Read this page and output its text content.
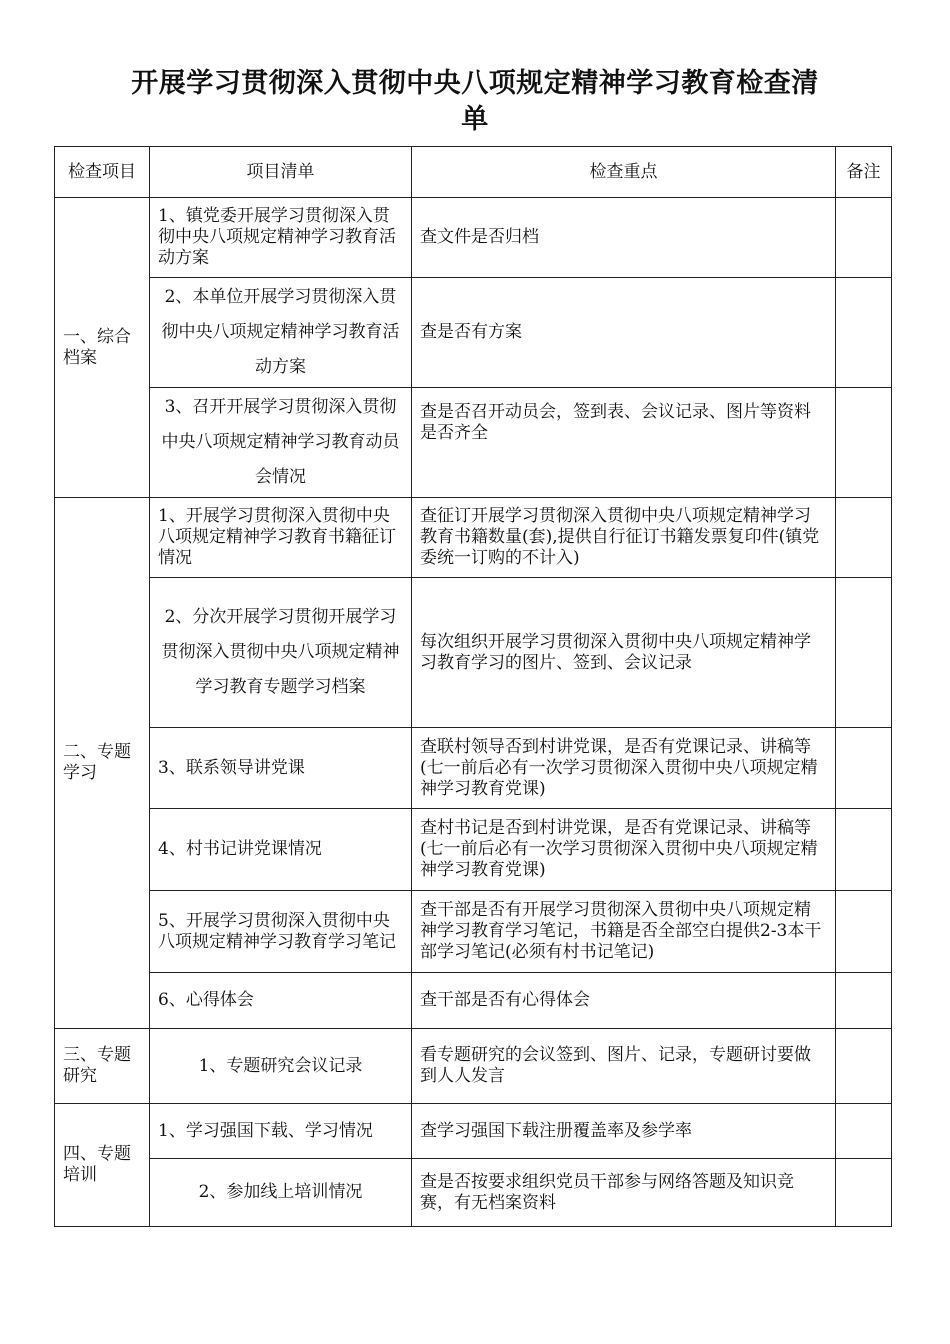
开展学习贯彻深入贯彻中央八项规定精神学习教育检查清
单
检查项目	项目清单	检查重点	备注
一、综合档案	1、镇党委开展学习贯彻深入贯彻中央八项规定精神学习教育活动方案	查文件是否归档	
	2、本单位开展学习贯彻深入贯彻中央八项规定精神学习教育活动方案	查是否有方案	
	3、召开开展学习贯彻深入贯彻中央八项规定精神学习教育动员会情况	查是否召开动员会，签到表、会议记录、图片等资料是否齐全	
二、专题学习	1、开展学习贯彻深入贯彻中央八项规定精神学习教育书籍征订情况	查征订开展学习贯彻深入贯彻中央八项规定精神学习教育书籍数量(套),提供自行征订书籍发票复印件(镇党委统一订购的不计入)	
	2、分次开展学习贯彻开展学习贯彻深入贯彻中央八项规定精神学习教育专题学习档案	每次组织开展学习贯彻深入贯彻中央八项规定精神学习教育学习的图片、签到、会议记录	
	3、联系领导讲党课	查联村领导否到村讲党课，是否有党课记录、讲稿等(七一前后必有一次学习贯彻深入贯彻中央八项规定精神学习教育党课)	
	4、村书记讲党课情况	查村书记是否到村讲党课，是否有党课记录、讲稿等(七一前后必有一次学习贯彻深入贯彻中央八项规定精神学习教育党课)	
	5、开展学习贯彻深入贯彻中央八项规定精神学习教育学习笔记	查干部是否有开展学习贯彻深入贯彻中央八项规定精神学习教育学习笔记，书籍是否全部空白提供2-3本干部学习笔记(必须有村书记笔记)	
	6、心得体会	查干部是否有心得体会	
三、专题研究	1、专题研究会议记录	看专题研究的会议签到、图片、记录，专题研讨要做到人人发言	
四、专题培训	1、学习强国下载、学习情况	查学习强国下载注册覆盖率及参学率	
	2、参加线上培训情况	查是否按要求组织党员干部参与网络答题及知识竞赛，有无档案资料	
